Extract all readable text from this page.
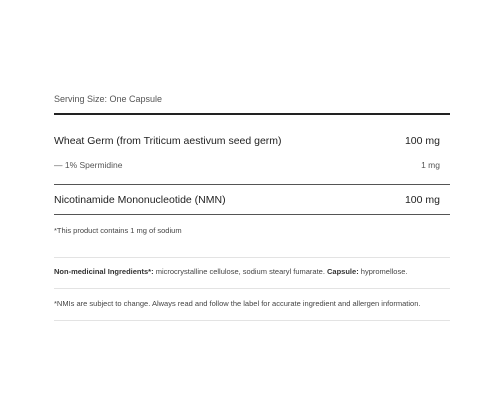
Serving Size: One Capsule
Wheat Germ (from Triticum aestivum seed germ)	100 mg
— 1% Spermidine	1 mg
Nicotinamide Mononucleotide (NMN)	100 mg
*This product contains 1 mg of sodium
Non-medicinal Ingredients*: microcrystalline cellulose, sodium stearyl fumarate. Capsule: hypromellose.
*NMIs are subject to change. Always read and follow the label for accurate ingredient and allergen information.
